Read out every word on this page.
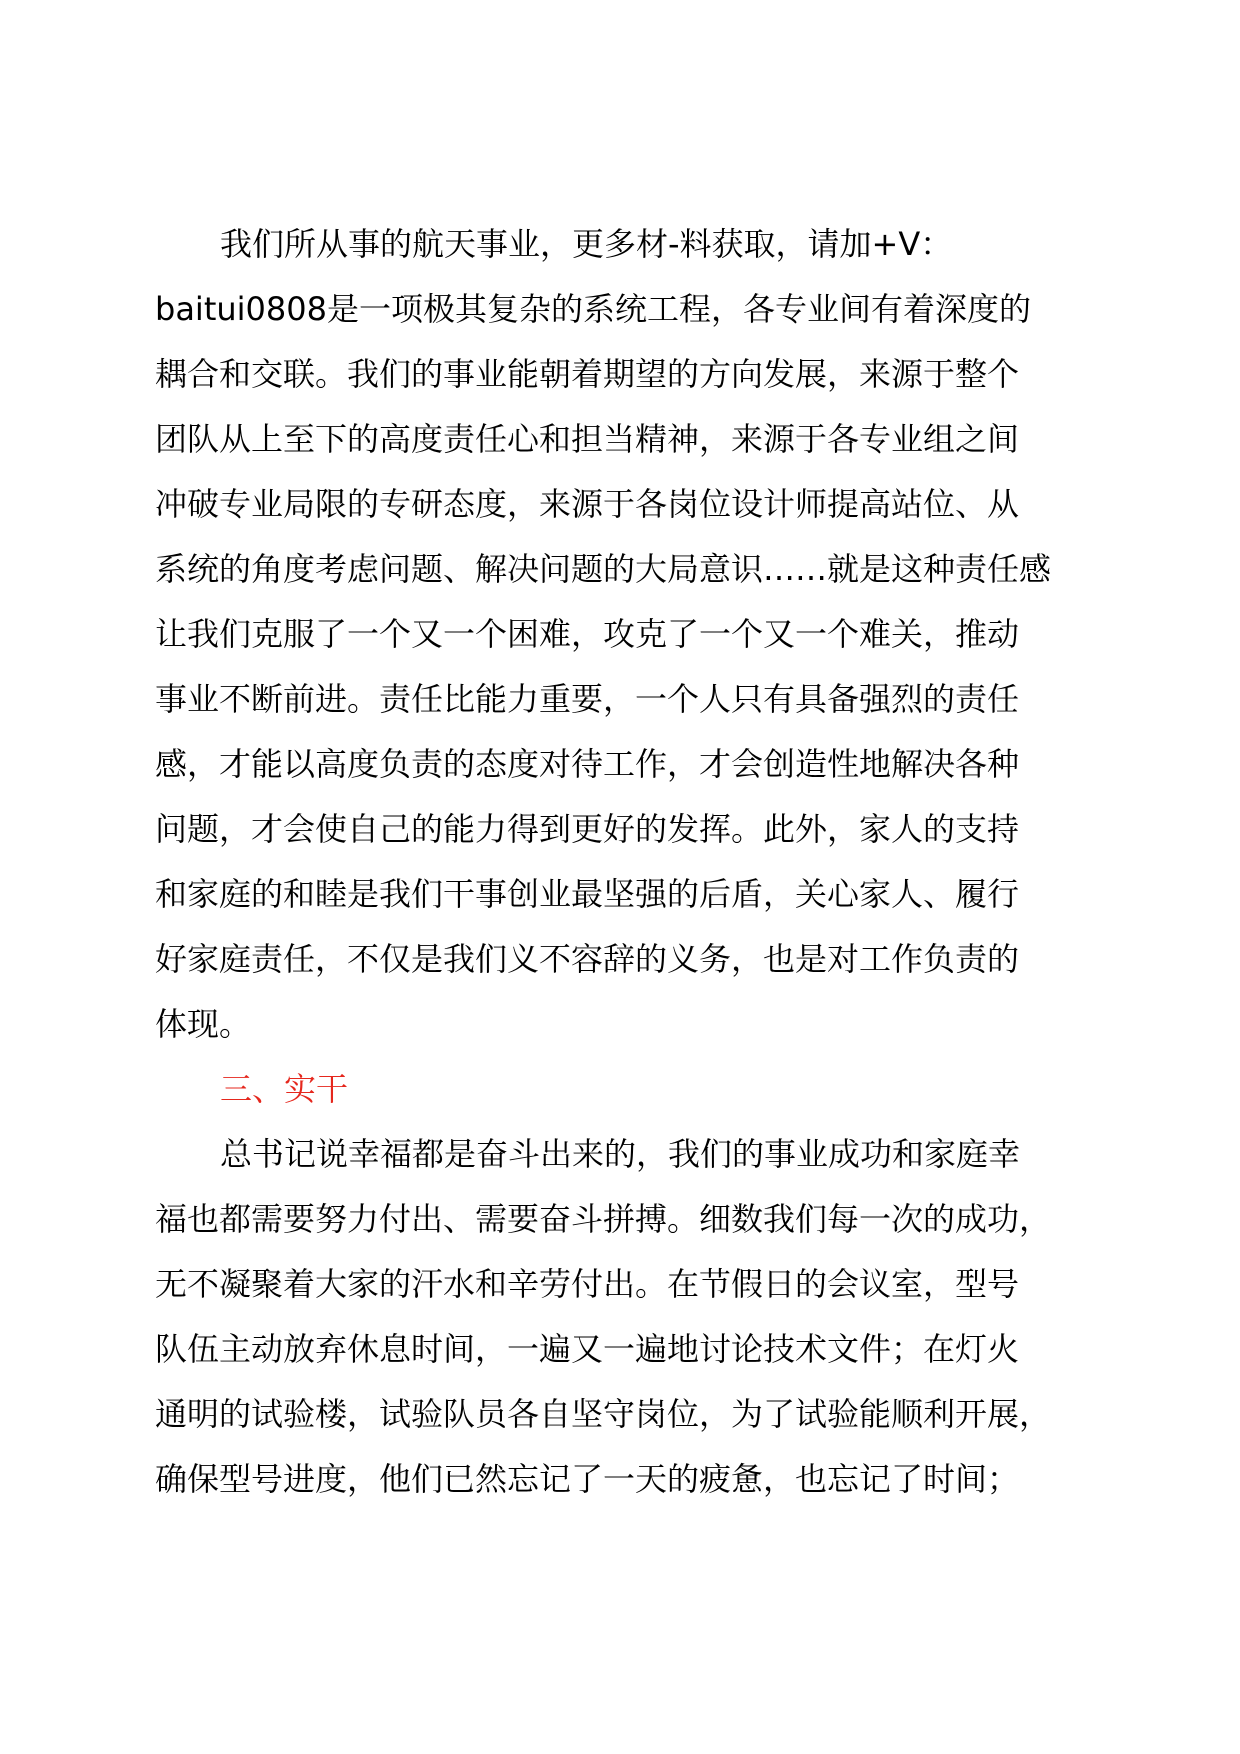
我们所从事的航天事业，更多材-料获取，请加+V：
baitui0808是一项极其复杂的系统工程，各专业间有着深度的
耦合和交联。我们的事业能朝着期望的方向发展，来源于整个
团队从上至下的高度责任心和担当精神，来源于各专业组之间
冲破专业局限的专研态度，来源于各岗位设计师提高站位、从
系统的角度考虑问题、解决问题的大局意识……就是这种责任感
让我们克服了一个又一个困难，攻克了一个又一个难关，推动
事业不断前进。责任比能力重要，一个人只有具备强烈的责任
感，才能以高度负责的态度对待工作，才会创造性地解决各种
问题，才会使自己的能力得到更好的发挥。此外，家人的支持
和家庭的和睦是我们干事创业最坚强的后盾，关心家人、履行
好家庭责任，不仅是我们义不容辞的义务，也是对工作负责的
体现。
三、实干
总书记说幸福都是奋斗出来的，我们的事业成功和家庭幸
福也都需要努力付出、需要奋斗拼搏。细数我们每一次的成功，
无不凝聚着大家的汗水和辛劳付出。在节假日的会议室，型号
队伍主动放弃休息时间，一遍又一遍地讨论技术文件；在灯火
通明的试验楼，试验队员各自坚守岗位，为了试验能顺利开展，
确保型号进度，他们已然忘记了一天的疲惫，也忘记了时间；
